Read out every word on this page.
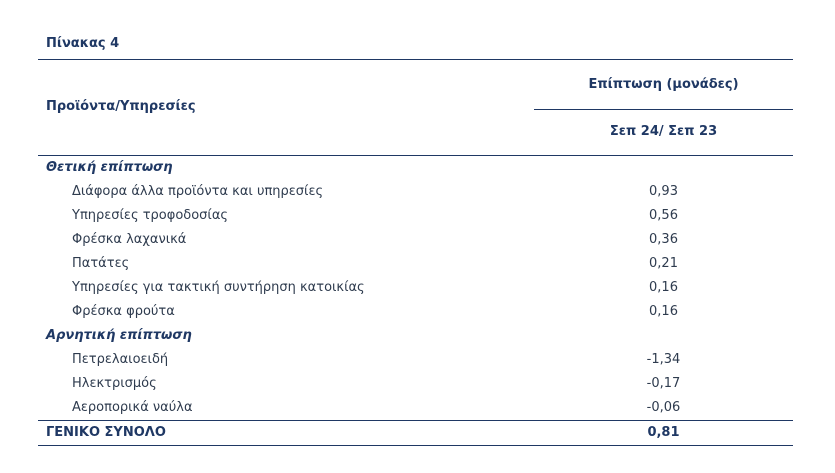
Πίνακας 4
Προϊόντα/Υπηρεσίες
Επίπτωση (μονάδες)
Σεπ 24/ Σεπ 23
Θετική επίπτωση
Διάφορα άλλα προϊόντα και υπηρεσίες	0,93
Υπηρεσίες τροφοδοσίας	0,56
Φρέσκα λαχανικά	0,36
Πατάτες	0,21
Υπηρεσίες για τακτική συντήρηση κατοικίας	0,16
Φρέσκα φρούτα	0,16
Αρνητική επίπτωση
Πετρελαιοειδή	-1,34
Ηλεκτρισμός	-0,17
Αεροπορικά ναύλα	-0,06
ΓΕΝΙΚΟ ΣΥΝΟΛΟ	0,81
